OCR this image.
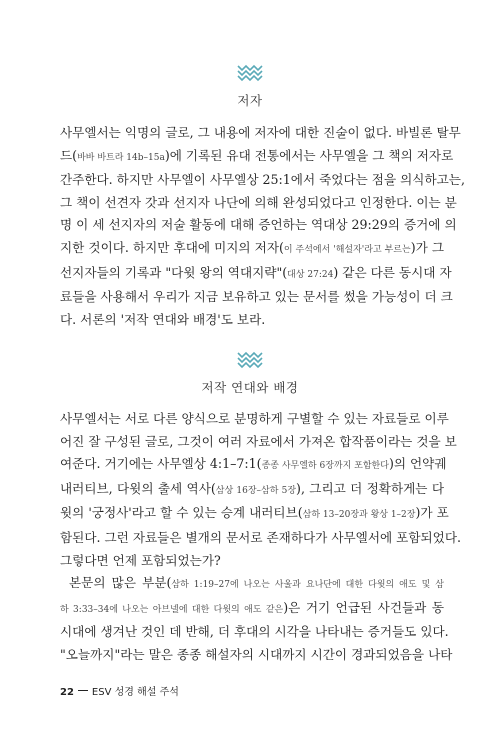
저자
사무엘서는 익명의 글로, 그 내용에 저자에 대한 진술이 없다. 바빌론 탈무
드(바바 바트라 14b–15a)에 기록된 유대 전통에서는 사무엘을 그 책의 저자로
간주한다. 하지만 사무엘이 사무엘상 25:1에서 죽었다는 점을 의식하고는,
그 책이 선견자 갓과 선지자 나단에 의해 완성되었다고 인정한다. 이는 분
명 이 세 선지자의 저술 활동에 대해 증언하는 역대상 29:29의 증거에 의
지한 것이다. 하지만 후대에 미지의 저자(이 주석에서 '해설자'라고 부르는)가 그
선지자들의 기록과 "다윗 왕의 역대지략"(대상 27:24) 같은 다른 동시대 자
료들을 사용해서 우리가 지금 보유하고 있는 문서를 썼을 가능성이 더 크
다. 서론의 '저작 연대와 배경'도 보라.
저작 연대와 배경
사무엘서는 서로 다른 양식으로 분명하게 구별할 수 있는 자료들로 이루
어진 잘 구성된 글로, 그것이 여러 자료에서 가져온 합작품이라는 것을 보
여준다. 거기에는 사무엘상 4:1–7:1(종종 사무엘하 6장까지 포함한다)의 언약궤
내러티브, 다윗의 출세 역사(삼상 16장–삼하 5장), 그리고 더 정확하게는 다
윗의 '궁정사'라고 할 수 있는 승계 내러티브(삼하 13–20장과 왕상 1–2장)가 포
함된다. 그런 자료들은 별개의 문서로 존재하다가 사무엘서에 포함되었다.
그렇다면 언제 포함되었는가?
본문의 많은 부분(삼하 1:19–27에 나오는 사울과 요나단에 대한 다윗의 애도 및 삼
하 3:33–34에 나오는 아브넬에 대한 다윗의 애도 같은)은 거기 언급된 사건들과 동
시대에 생겨난 것인 데 반해, 더 후대의 시각을 나타내는 증거들도 있다.
"오늘까지"라는 말은 종종 해설자의 시대까지 시간이 경과되었음을 나타
22 ESV 성경 해설 주석
